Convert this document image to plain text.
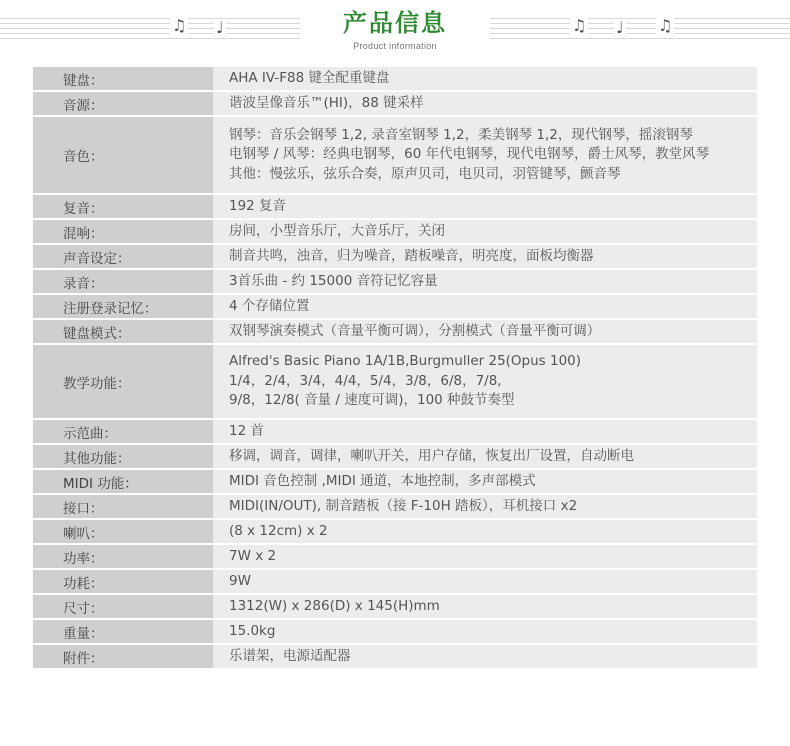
♫ ♩	♫ ♩ ♫
产品信息
Product information
键盘：	AHA IV-F88 键全配重键盘

音源：	谐波呈像音乐™(HI)，88 键采样

音色：	钢琴：音乐会钢琴 1,2, 录音室钢琴 1,2，柔美钢琴 1,2，现代钢琴，摇滚钢琴
电钢琴 / 风琴：经典电钢琴，60 年代电钢琴，现代电钢琴，爵士风琴，教堂风琴
其他：慢弦乐，弦乐合奏，原声贝司，电贝司，羽管键琴，颤音琴

复音：	192 复音

混响：	房间，小型音乐厅，大音乐厅，关闭

声音设定：	制音共鸣，浊音，归为噪音，踏板噪音，明亮度，面板均衡器

录音：	3首乐曲 - 约 15000 音符记忆容量

注册登录记忆：	4 个存储位置

键盘模式：	双钢琴演奏模式（音量平衡可调），分割模式（音量平衡可调）

教学功能：	Alfred's Basic Piano 1A/1B,Burgmuller 25(Opus 100)
1/4，2/4，3/4，4/4，5/4，3/8，6/8，7/8,
9/8，12/8( 音量 / 速度可调)，100 种鼓节奏型

示范曲：	12 首

其他功能：	移调，调音，调律，喇叭开关，用户存储，恢复出厂设置，自动断电

MIDI 功能：	MIDI 音色控制 ,MIDI 通道，本地控制，多声部模式

接口：	MIDI(IN/OUT), 制音踏板（接 F-10H 踏板），耳机接口 x2

喇叭：	(8 x 12cm) x 2

功率：	7W x 2

功耗：	9W

尺寸：	1312(W) x 286(D) x 145(H)mm

重量：	15.0kg

附件：	乐谱架，电源适配器
